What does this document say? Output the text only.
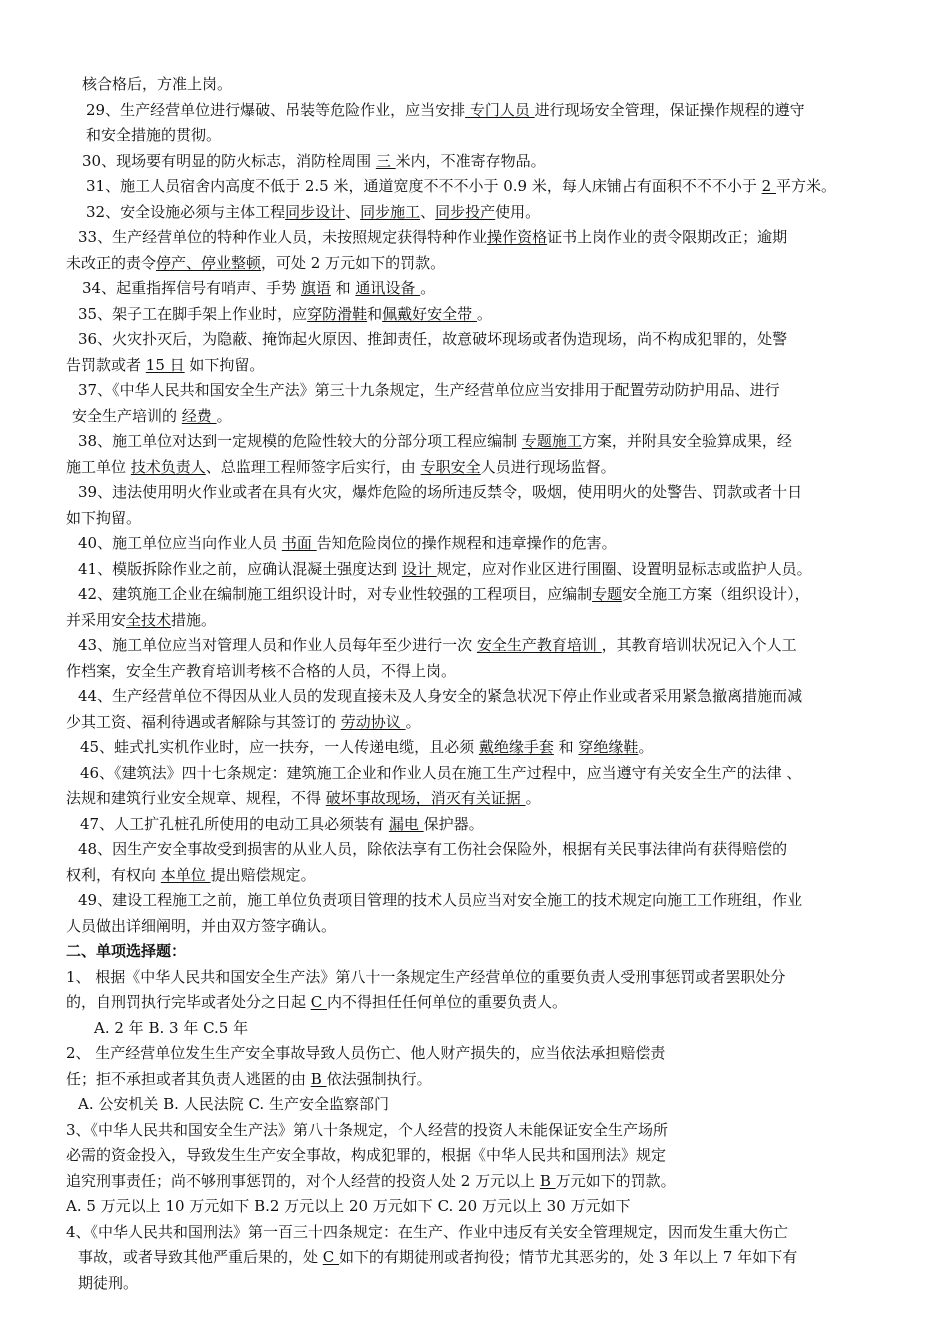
核合格后，方准上岗。

29、生产经营单位进行爆破、吊装等危险作业，应当安排 专门人员 进行现场安全管理，保证操作规程的遵守

和安全措施的贯彻。

30、现场要有明显的防火标志，消防栓周围 三 米内，不准寄存物品。

31、施工人员宿舍内高度不低于 2.5 米，通道宽度不不不小于 0.9 米，每人床铺占有面积不不不小于 2 平方米。

32、安全设施必须与主体工程同步设计、同步施工、同步投产使用。

33、生产经营单位的特种作业人员，未按照规定获得特种作业操作资格证书上岗作业的责令限期改正；逾期

未改正的责令停产、停业整顿，可处 2 万元如下的罚款。

34、起重指挥信号有哨声、手势 旗语 和 通讯设备 。

35、架子工在脚手架上作业时，应穿防滑鞋和佩戴好安全带 。

36、火灾扑灭后，为隐蔽、掩饰起火原因、推卸责任，故意破坏现场或者伪造现场，尚不构成犯罪的，处警

告罚款或者 15 日 如下拘留。

37、《中华人民共和国安全生产法》第三十九条规定，生产经营单位应当安排用于配置劳动防护用品、进行

安全生产培训的 经费 。

38、施工单位对达到一定规模的危险性较大的分部分项工程应编制 专题施工方案，并附具安全验算成果，经

施工单位 技术负责人、总监理工程师签字后实行，由 专职安全人员进行现场监督。

39、违法使用明火作业或者在具有火灾，爆炸危险的场所违反禁令，吸烟，使用明火的处警告、罚款或者十日

如下拘留。

40、施工单位应当向作业人员 书面 告知危险岗位的操作规程和违章操作的危害。

41、模版拆除作业之前，应确认混凝土强度达到 设计 规定，应对作业区进行围圈、设置明显标志或监护人员。

42、建筑施工企业在编制施工组织设计时，对专业性较强的工程项目，应编制专题安全施工方案（组织设计），

并采用安全技术措施。

43、施工单位应当对管理人员和作业人员每年至少进行一次 安全生产教育培训 ，其教育培训状况记入个人工

作档案，安全生产教育培训考核不合格的人员，不得上岗。

44、生产经营单位不得因从业人员的发现直接未及人身安全的紧急状况下停止作业或者采用紧急撤离措施而减

少其工资、福利待遇或者解除与其签订的 劳动协议 。

45、蛙式扎实机作业时，应一扶夯，一人传递电缆，且必须 戴绝缘手套 和 穿绝缘鞋。

46、《建筑法》四十七条规定：建筑施工企业和作业人员在施工生产过程中，应当遵守有关安全生产的法律 、

法规和建筑行业安全规章、规程，不得 破坏事故现场，消灭有关证据 。

47、人工扩孔桩孔所使用的电动工具必须装有 漏电 保护器。

48、因生产安全事故受到损害的从业人员，除依法享有工伤社会保险外，根据有关民事法律尚有获得赔偿的

权利，有权向 本单位 提出赔偿规定。

49、建设工程施工之前，施工单位负责项目管理的技术人员应当对安全施工的技术规定向施工工作班组，作业

人员做出详细阐明，并由双方签字确认。

二、单项选择题：

1、 根据《中华人民共和国安全生产法》第八十一条规定生产经营单位的重要负责人受刑事惩罚或者罢职处分

的，自刑罚执行完毕或者处分之日起 C 内不得担任任何单位的重要负责人。

A. 2 年 B. 3 年 C.5 年

2、 生产经营单位发生生产安全事故导致人员伤亡、他人财产损失的，应当依法承担赔偿责

任；拒不承担或者其负责人逃匿的由 B 依法强制执行。

A. 公安机关 B. 人民法院 C. 生产安全监察部门

3、《中华人民共和国安全生产法》第八十条规定，个人经营的投资人未能保证安全生产场所

必需的资金投入，导致发生生产安全事故，构成犯罪的，根据《中华人民共和国刑法》规定

追究刑事责任；尚不够刑事惩罚的，对个人经营的投资人处 2 万元以上 B 万元如下的罚款。

A. 5 万元以上 10 万元如下 B.2 万元以上 20 万元如下 C. 20 万元以上 30 万元如下

4、《中华人民共和国刑法》第一百三十四条规定：在生产、作业中违反有关安全管理规定，因而发生重大伤亡

事故，或者导致其他严重后果的，处 C 如下的有期徒刑或者拘役；情节尤其恶劣的，处 3 年以上 7 年如下有

期徒刑。
